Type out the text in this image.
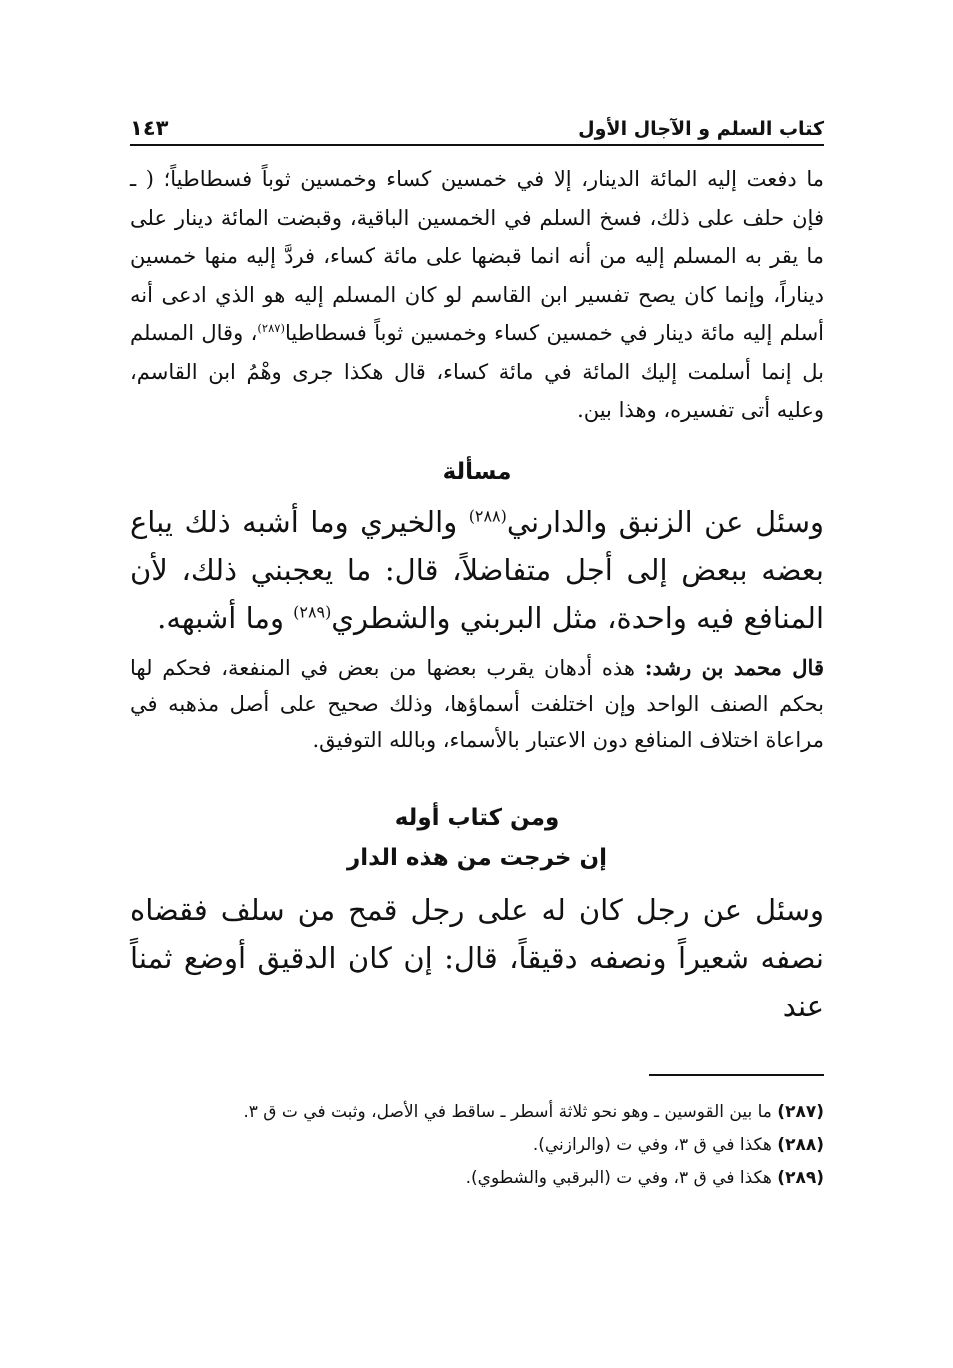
كتاب السلم و الآجال الأول
١٤٣

ما دفعت إليه المائة الدينار، إلا في خمسين كساء وخمسين ثوباً فسطاطياً؛ ( ـ فإن حلف على ذلك، فسخ السلم في الخمسين الباقية، وقبضت المائة دينار على ما يقر به المسلم إليه من أنه انما قبضها على مائة كساء، فردَّ إليه منها خمسين ديناراً، وإنما كان يصح تفسير ابن القاسم لو كان المسلم إليه هو الذي ادعى أنه أسلم إليه مائة دينار في خمسين كساء وخمسين ثوباً فسطاطيا$^{(٢٨٧)}$، وقال المسلم بل إنما أسلمت إليك المائة في مائة كساء، قال هكذا جرى وهْمُ ابن القاسم، وعليه أتى تفسيره، وهذا بين.

مسألة

وسئل عن الزنبق والدارني$^{(٢٨٨)}$ والخيري وما أشبه ذلك يباع بعضه ببعض إلى أجل متفاضلاً، قال: ما يعجبني ذلك، لأن المنافع فيه واحدة، مثل البربني والشطري$^{(٢٨٩)}$ وما أشبهه.

قال محمد بن رشد: هذه أدهان يقرب بعضها من بعض في المنفعة، فحكم لها بحكم الصنف الواحد وإن اختلفت أسماؤها، وذلك صحيح على أصل مذهبه في مراعاة اختلاف المنافع دون الاعتبار بالأسماء، وبالله التوفيق.

ومن كتاب أوله
إن خرجت من هذه الدار

وسئل عن رجل كان له على رجل قمح من سلف فقضاه نصفه شعيراً ونصفه دقيقاً، قال: إن كان الدقيق أوضع ثمناً عند

(٢٨٧) ما بين القوسين ـ وهو نحو ثلاثة أسطر ـ ساقط في الأصل، وثبت في ت ق ٣.
(٢٨٨) هكذا في ق ٣، وفي ت (والرازني).
(٢٨٩) هكذا في ق ٣، وفي ت (البرقبي والشطوي).
